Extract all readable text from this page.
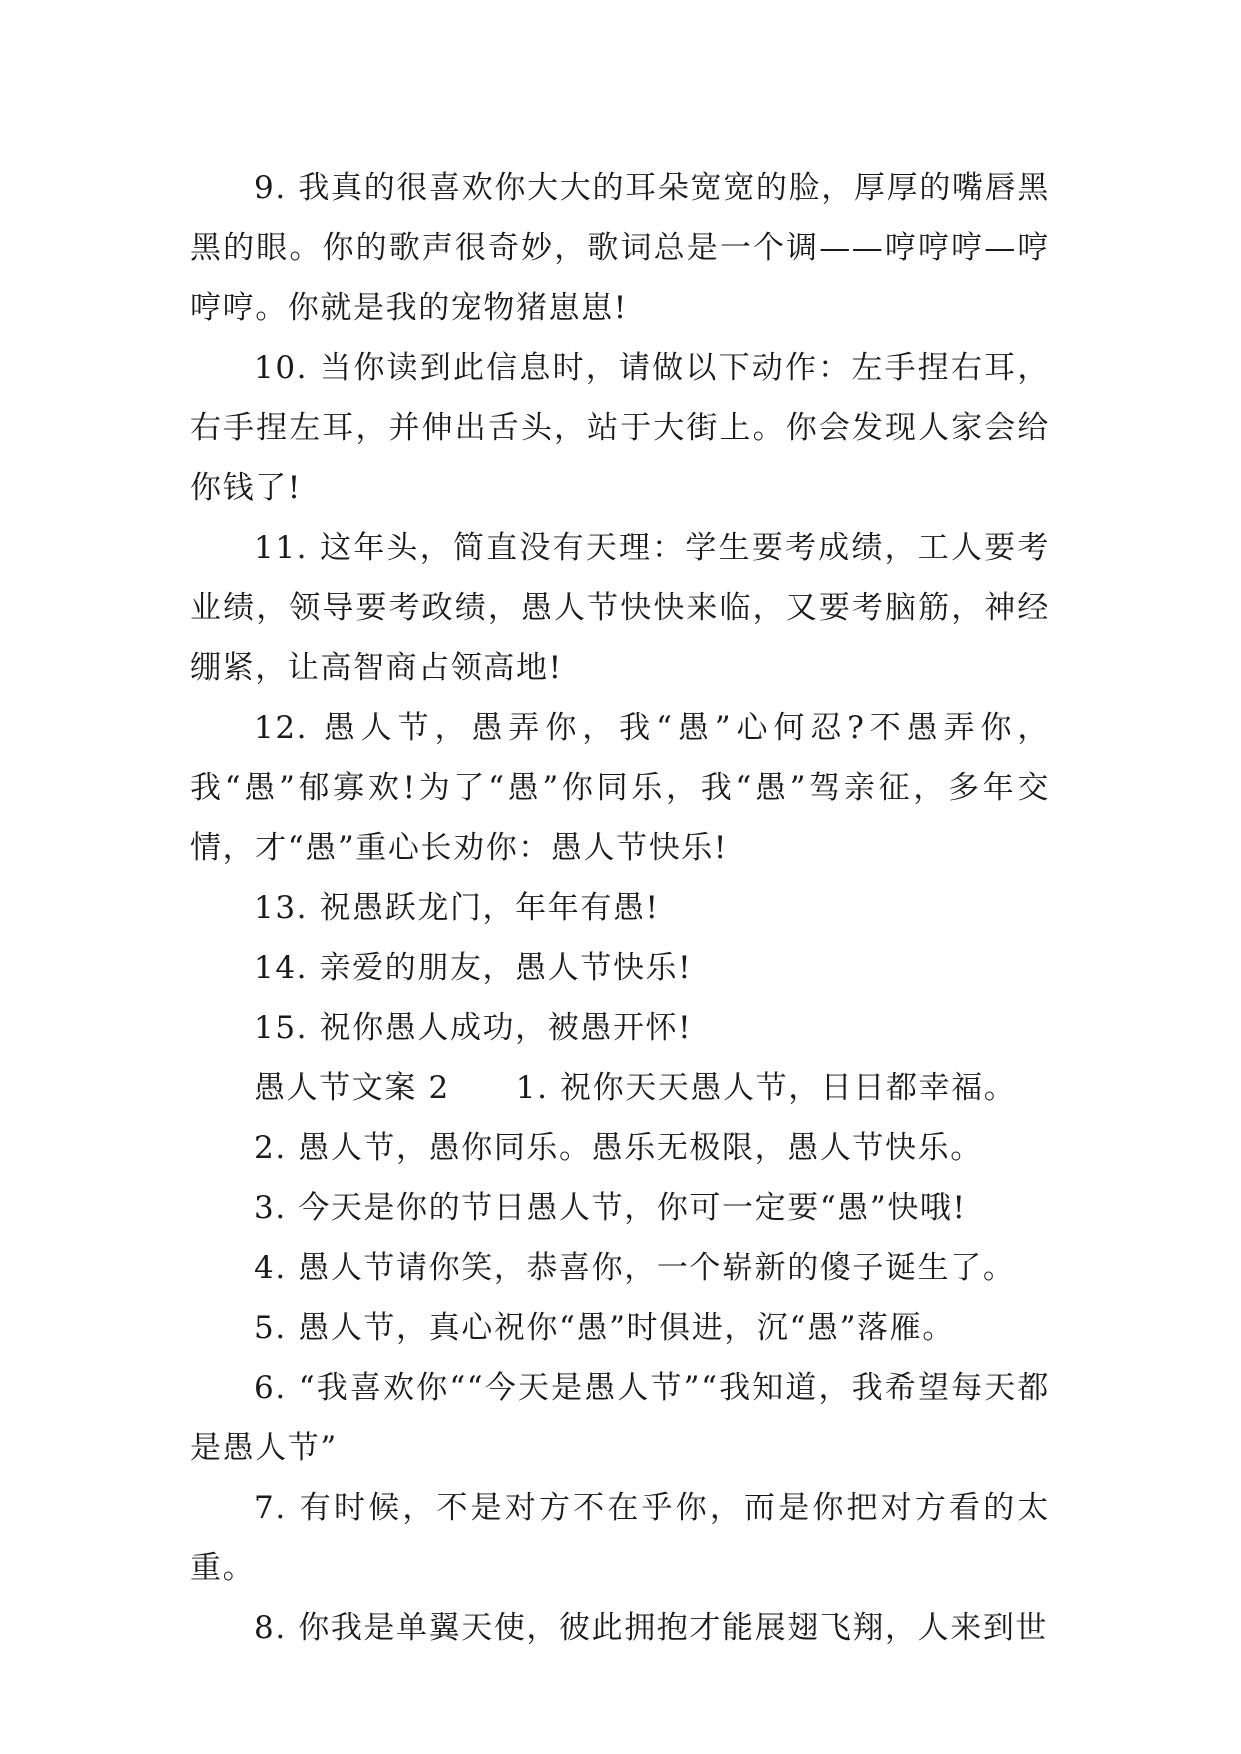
9. 我真的很喜欢你大大的耳朵宽宽的脸，厚厚的嘴唇黑黑的眼。你的歌声很奇妙，歌词总是一个调——哼哼哼—哼哼哼。你就是我的宠物猪崽崽!

10. 当你读到此信息时，请做以下动作：左手捏右耳，右手捏左耳，并伸出舌头，站于大街上。你会发现人家会给你钱了!

11. 这年头，简直没有天理：学生要考成绩，工人要考业绩，领导要考政绩，愚人节快快来临，又要考脑筋，神经绷紧，让高智商占领高地!

12. 愚人节，愚弄你，我“愚”心何忍?不愚弄你，我“愚”郁寡欢!为了“愚”你同乐，我“愚”驾亲征，多年交情，才“愚”重心长劝你：愚人节快乐!

13. 祝愚跃龙门，年年有愚!

14. 亲爱的朋友，愚人节快乐!

15. 祝你愚人成功，被愚开怀!

愚人节文案 2 1. 祝你天天愚人节，日日都幸福。

2. 愚人节，愚你同乐。愚乐无极限，愚人节快乐。

3. 今天是你的节日愚人节，你可一定要“愚”快哦!

4. 愚人节请你笑，恭喜你，一个崭新的傻子诞生了。

5. 愚人节，真心祝你“愚”时俱进，沉“愚”落雁。

6. “我喜欢你““今天是愚人节”“我知道，我希望每天都是愚人节”

7. 有时候，不是对方不在乎你，而是你把对方看的太重。

8. 你我是单翼天使，彼此拥抱才能展翅飞翔，人来到世
